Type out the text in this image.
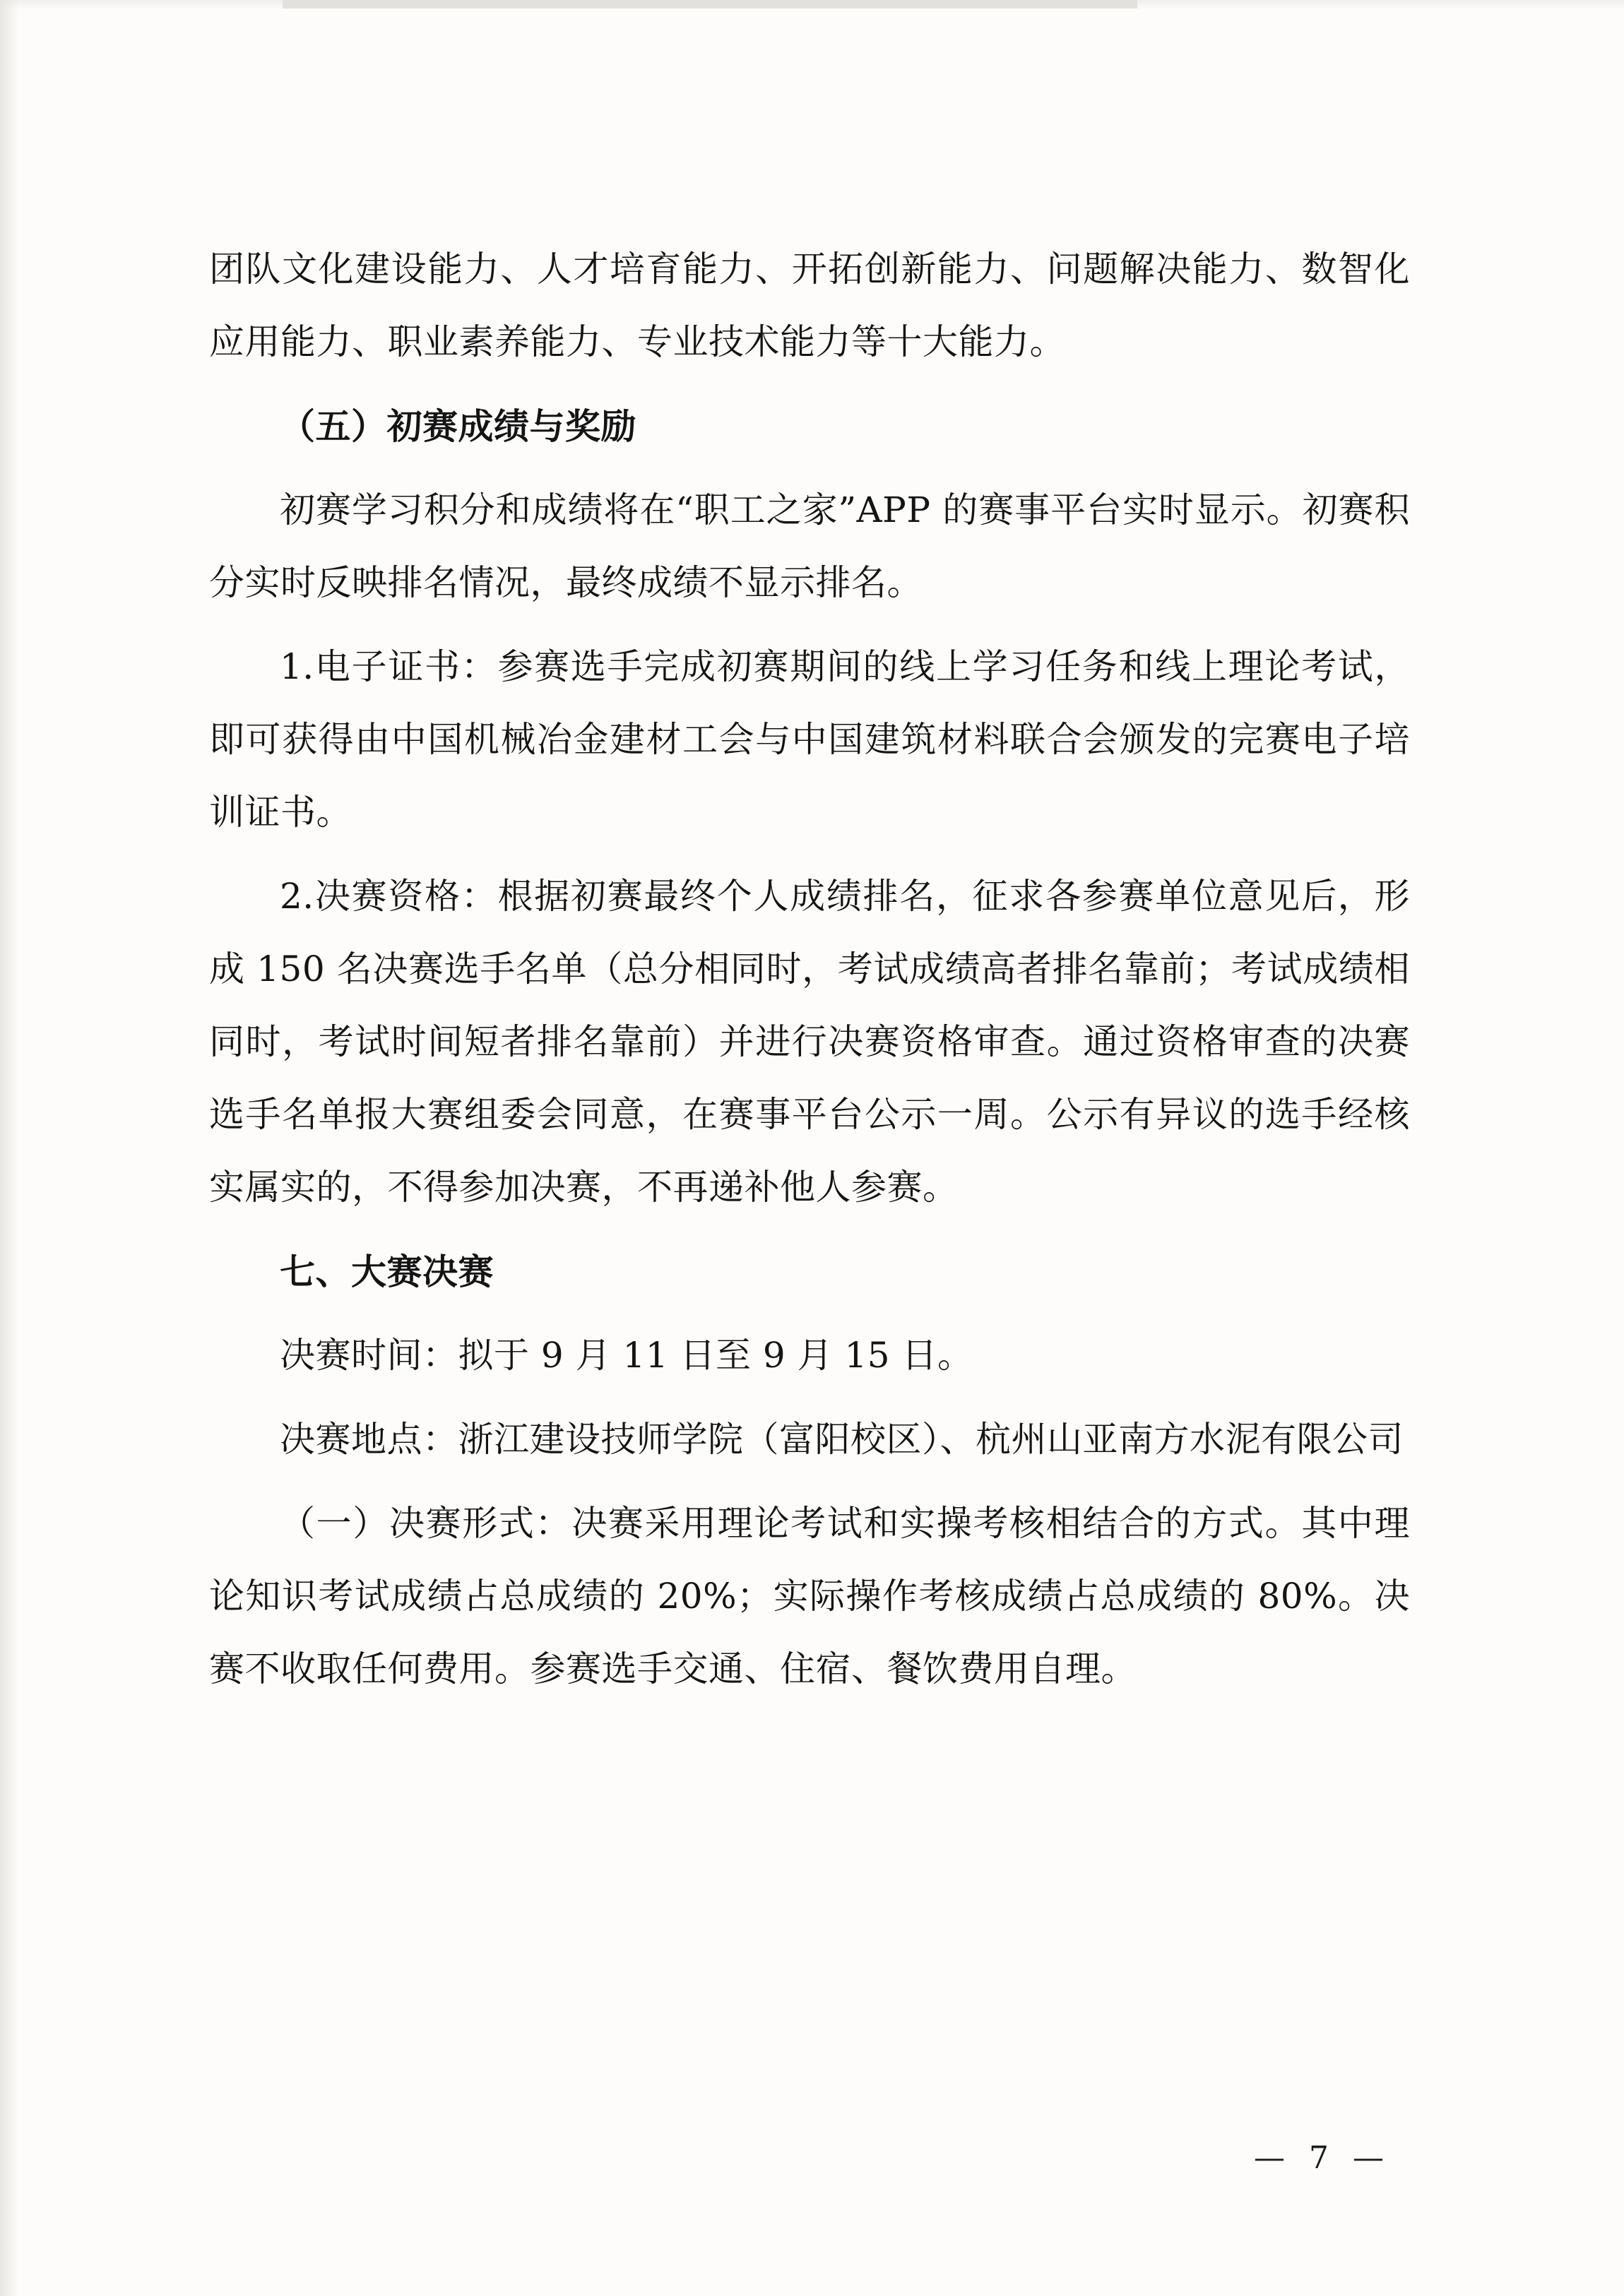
团队文化建设能力、人才培育能力、开拓创新能力、问题解决能力、数智化应用能力、职业素养能力、专业技术能力等十大能力。

（五）初赛成绩与奖励

初赛学习积分和成绩将在“职工之家”APP 的赛事平台实时显示。初赛积分实时反映排名情况，最终成绩不显示排名。

1.电子证书：参赛选手完成初赛期间的线上学习任务和线上理论考试，即可获得由中国机械冶金建材工会与中国建筑材料联合会颁发的完赛电子培训证书。

2.决赛资格：根据初赛最终个人成绩排名，征求各参赛单位意见后，形成 150 名决赛选手名单（总分相同时，考试成绩高者排名靠前；考试成绩相同时，考试时间短者排名靠前）并进行决赛资格审查。通过资格审查的决赛选手名单报大赛组委会同意，在赛事平台公示一周。公示有异议的选手经核实属实的，不得参加决赛，不再递补他人参赛。

七、大赛决赛

决赛时间：拟于 9 月 11 日至 9 月 15 日。

决赛地点：浙江建设技师学院（富阳校区）、杭州山亚南方水泥有限公司

（一）决赛形式：决赛采用理论考试和实操考核相结合的方式。其中理论知识考试成绩占总成绩的 20%；实际操作考核成绩占总成绩的 80%。决赛不收取任何费用。参赛选手交通、住宿、餐饮费用自理。

— 7 —
